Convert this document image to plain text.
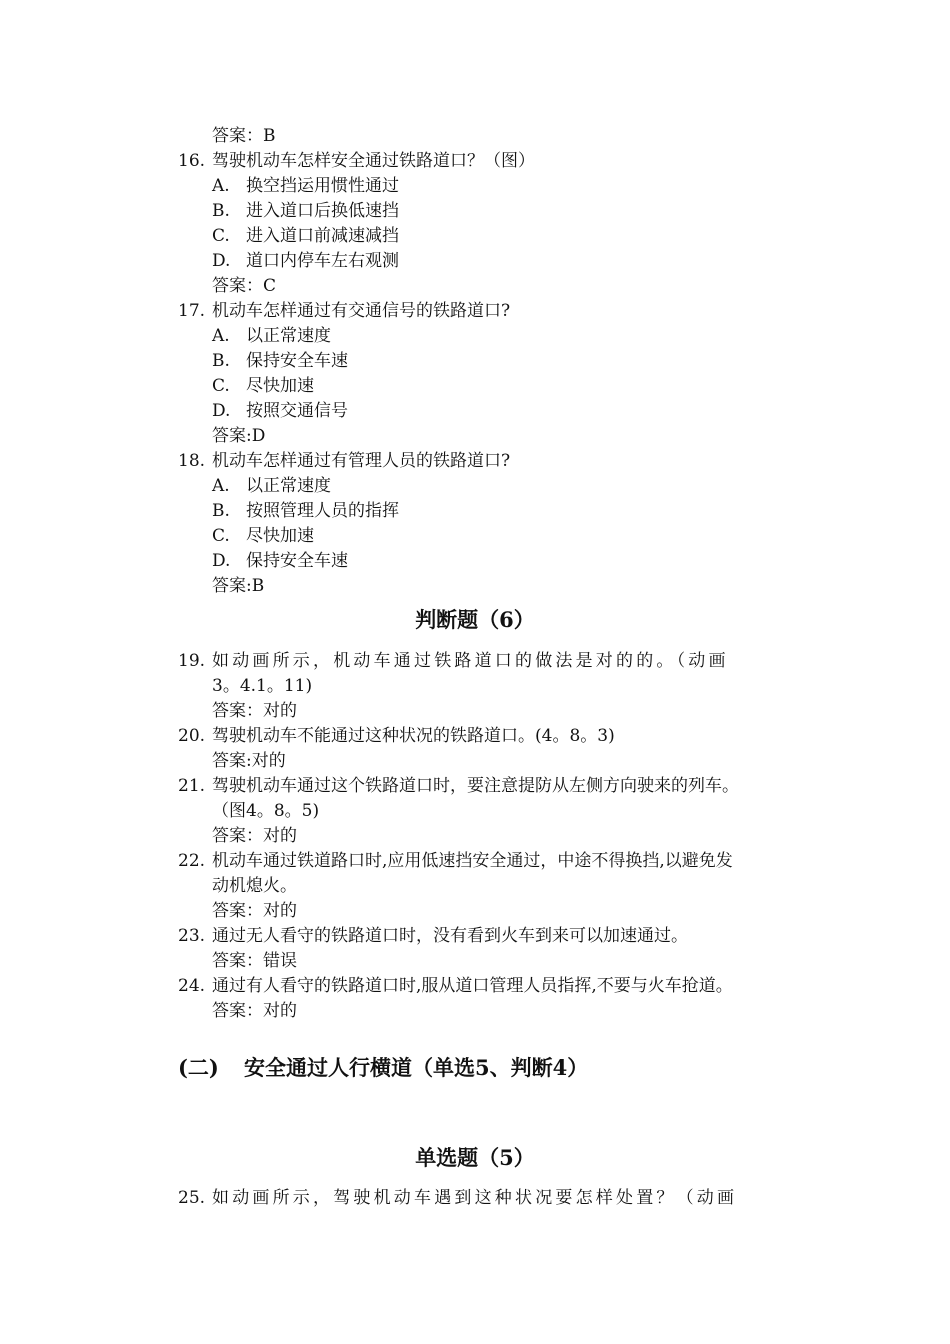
答案：B
16. 驾驶机动车怎样安全通过铁路道口？（图）
A. 换空挡运用惯性通过
B. 进入道口后换低速挡
C. 进入道口前减速减挡
D. 道口内停车左右观测
答案：C
17. 机动车怎样通过有交通信号的铁路道口?
A. 以正常速度
B. 保持安全车速
C. 尽快加速
D. 按照交通信号
答案:D
18. 机动车怎样通过有管理人员的铁路道口?
A. 以正常速度
B. 按照管理人员的指挥
C. 尽快加速
D. 保持安全车速
答案:B
判断题（6）
19. 如动画所示，机动车通过铁路道口的做法是对的的。（动画
3。4.1。11)
答案：对的
20. 驾驶机动车不能通过这种状况的铁路道口。(4。8。3)
答案:对的
21. 驾驶机动车通过这个铁路道口时，要注意提防从左侧方向驶来的列车。
（图4。8。5)
答案：对的
22. 机动车通过铁道路口时,应用低速挡安全通过，中途不得换挡,以避免发
动机熄火。
答案：对的
23. 通过无人看守的铁路道口时，没有看到火车到来可以加速通过。
答案：错误
24. 通过有人看守的铁路道口时,服从道口管理人员指挥,不要与火车抢道。
答案：对的
(二) 安全通过人行横道（单选5、判断4）
单选题（5）
25. 如动画所示，驾驶机动车遇到这种状况要怎样处置？（动画
